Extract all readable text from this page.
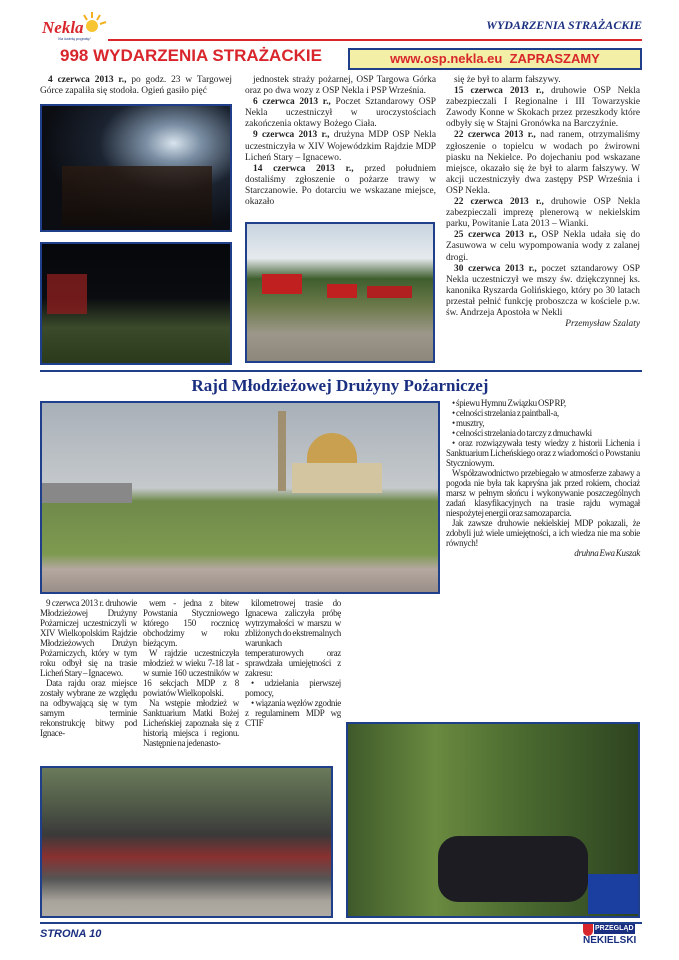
Nekla
Na każdą pogodę!
WYDARZENIA STRAŻACKIE
998 WYDARZENIA STRAŻACKIE	www.osp.nekla.eu  ZAPRASZAMY

4 czerwca 2013 r., po godz. 23 w Targowej Górce zapaliła się stodoła. Ogień gasiło pięć

jednostek straży pożarnej, OSP Targowa Górka oraz po dwa wozy z OSP Nekla i PSP Września.

6 czerwca 2013 r., Poczet Sztandarowy OSP Nekla uczestniczył w uroczystościach zakończenia oktawy Bożego Ciała.

9 czerwca 2013 r., drużyna MDP OSP Nekla uczestniczyła w XIV Wojewódzkim Rajdzie MDP Licheń Stary – Ignacewo.

14 czerwca 2013 r., przed południem dostaliśmy zgłoszenie o pożarze trawy w Starczanowie. Po dotarciu we wskazane miejsce, okazało

się że był to alarm fałszywy.

15 czerwca 2013 r., druhowie OSP Nekla zabezpieczali I Regionalne i III Towarzyskie Zawody Konne w Skokach przez przeszkody które odbyły się w Stajni Gronówka na Barczyźnie.

22 czerwca 2013 r., nad ranem, otrzymaliśmy zgłoszenie o topielcu w wodach po żwirowni piasku na Nekielce. Po dojechaniu pod wskazane miejsce, okazało się że był to alarm fałszywy. W akcji uczestniczyły dwa zastępy PSP Września i OSP Nekla.

22 czerwca 2013 r., druhowie OSP Nekla zabezpieczali imprezę plenerową w nekielskim parku, Powitanie Lata 2013 – Wianki.

25 czerwca 2013 r., OSP Nekla udała się do Zasuwowa w celu wypompowania wody z zalanej drogi.

30 czerwca 2013 r., poczet sztandarowy OSP Nekla uczestniczył we mszy św. dziękczynnej ks. kanonika Ryszarda Golińskiego, który po 30 latach przestał pełnić funkcję proboszcza w kościele p.w. św. Andrzeja Apostoła w Nekli

Przemysław Szalaty

Rajd Młodzieżowej Drużyny Pożarniczej

9 czerwca 2013 r. druhowie Młodzieżowej Drużyny Pożarniczej uczestniczyli w XIV Wielkopolskim Rajdzie Młodzieżowych Drużyn Pożarniczych, który w tym roku odbył się na trasie Licheń Stary – Ignacewo.

Data rajdu oraz miejsce zostały wybrane ze względu na odbywającą się w tym samym terminie rekonstrukcję bitwy pod Ignace-

wem - jedna z bitew Powstania Styczniowego którego 150 rocznicę obchodzimy w roku bieżącym.

W rajdzie uczestniczyła młodzież w wieku 7-18 lat - w sumie 160 uczestników w 16 sekcjach MDP z 8 powiatów Wielkopolski.

Na wstępie młodzież w Sanktuarium Matki Bożej Licheńskiej zapoznała się z historią miejsca i regionu. Następnie na jedenasto-

kilometrowej trasie do Ignacewa zaliczyła próbę wytrzymałości w marszu w zbliżonych do ekstremalnych warunkach temperaturowych oraz sprawdzała umiejętności z zakresu:

• udzielania pierwszej pomocy,

• wiązania węzłów zgodnie z regulaminem MDP wg CTIF

• śpiewu Hymnu Związku OSP RP,

• celności strzelania z paintball-a,

• musztry,

• celności strzelania do tarczy z dmuchawki

• oraz rozwiązywała testy wiedzy z historii Lichenia i Sanktuarium Licheńskiego oraz z wiadomości o Powstaniu Styczniowym.

Współzawodnictwo przebiegało w atmosferze zabawy a pogoda nie była tak kapryśna jak przed rokiem, chociaż marsz w pełnym słońcu i wykonywanie poszczególnych zadań klasyfikacyjnych na trasie rajdu wymagał niespożytej energii oraz samozaparcia.

Jak zawsze druhowie nekielskiej MDP pokazali, że zdobyli już wiele umiejętności, a ich wiedza nie ma sobie równych!

druhna Ewa Kuszak

STRONA 10	PRZEGLĄD
NEKIELSKI
